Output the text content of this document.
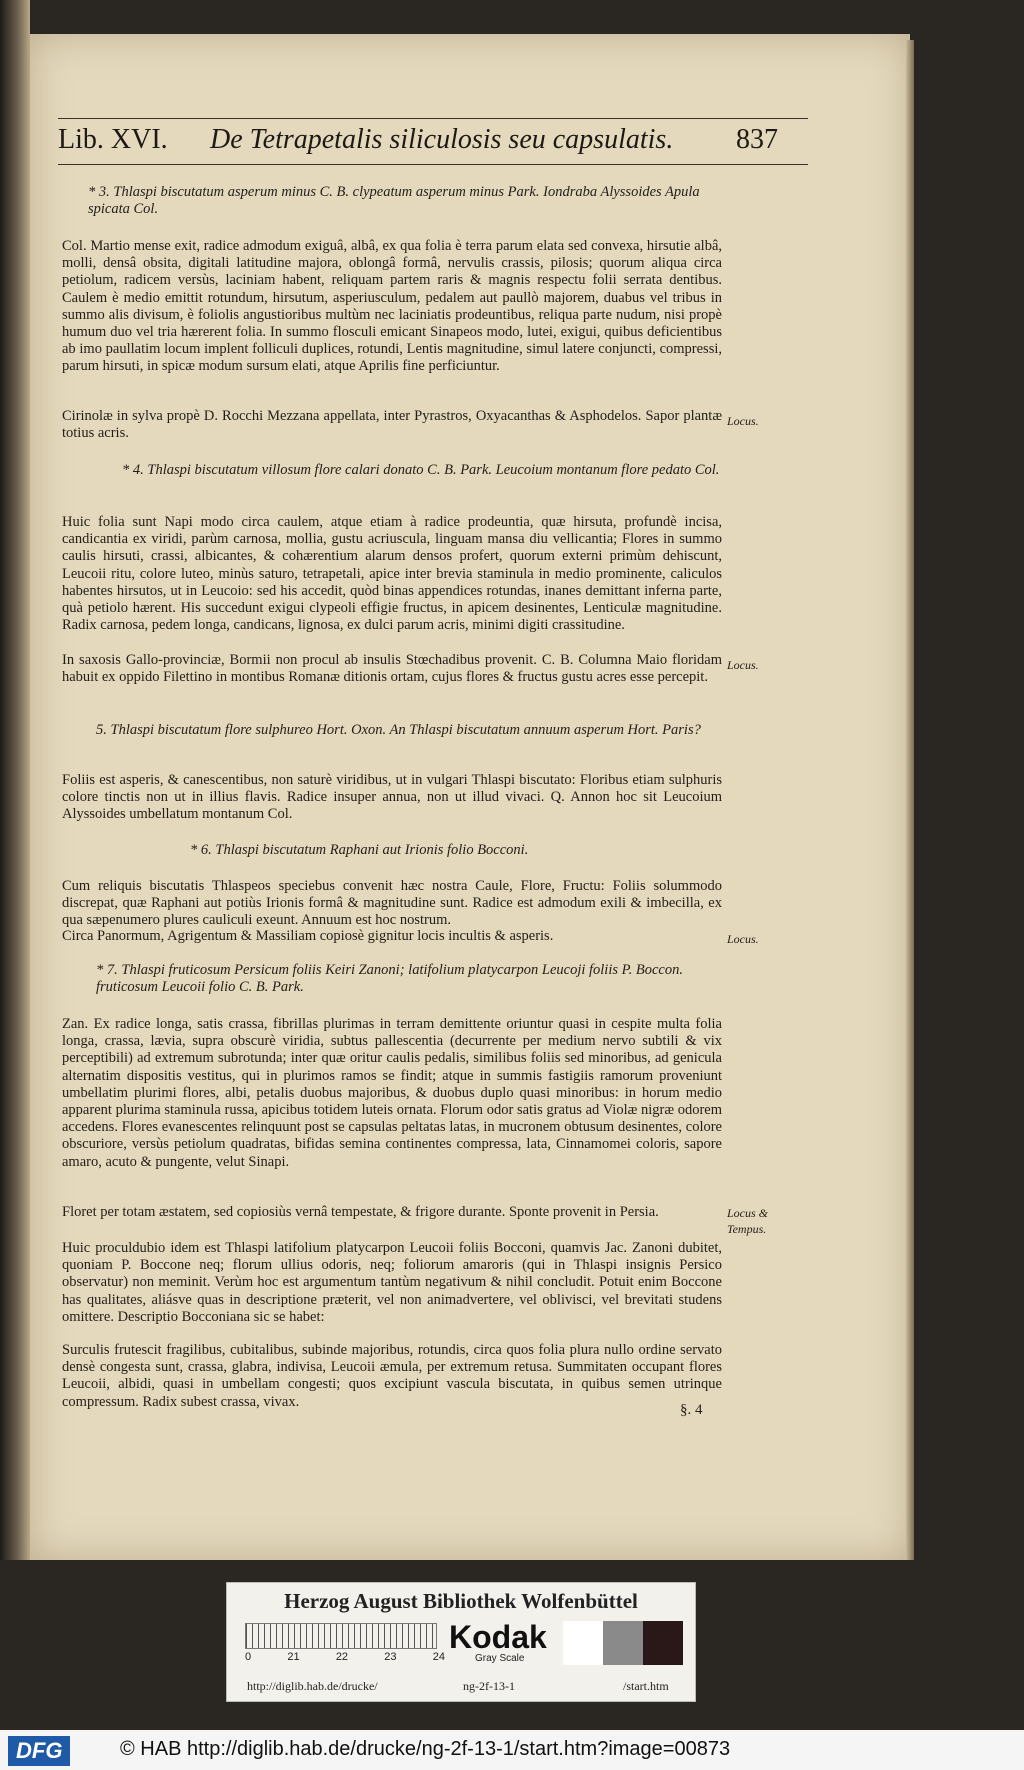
Lib. XVI. De Tetrapetalis siliculosis seu capsulatis. 837
* 3. Thlaspi biscutatum asperum minus C. B. clypeatum asperum minus Park. Iondraba Alyssoides Apula spicata Col.

Col. Martio mense exit, radice admodum exiguâ, albâ, ex qua folia è terra parum elata sed convexa, hirsutie albâ, molli, densâ obsita, digitali latitudine majora, oblongâ formâ, nervulis crassis, pilosis; quorum aliqua circa petiolum, radicem versùs, laciniam habent, reliquam partem raris & magnis respectu folii serrata dentibus. Caulem è medio emittit rotundum, hirsutum, asperiusculum, pedalem aut paullò majorem, duabus vel tribus in summo alis divisum, è foliolis angustioribus multùm nec laciniatis prodeuntibus, reliqua parte nudum, nisi propè humum duo vel tria hærerent folia. In summo flosculi emicant Sinapeos modo, lutei, exigui, quibus deficientibus ab imo paullatim locum implent folliculi duplices, rotundi, Lentis magnitudine, simul latere conjuncti, compressi, parum hirsuti, in spicæ modum sursum elati, atque Aprilis fine perficiuntur.

Cirinolæ in sylva propè D. Rocchi Mezzana appellata, inter Pyrastros, Oxyacanthas & Asphodelos. Sapor plantæ totius acris.

Locus.
* 4. Thlaspi biscutatum villosum flore calari donato C. B. Park. Leucoium montanum flore pedato Col.

Huic folia sunt Napi modo circa caulem, atque etiam à radice prodeuntia, quæ hirsuta, profundè incisa, candicantia ex viridi, parùm carnosa, mollia, gustu acriuscula, linguam mansa diu vellicantia; Flores in summo caulis hirsuti, crassi, albicantes, & cohærentium alarum densos profert, quorum externi primùm dehiscunt, Leucoii ritu, colore luteo, minùs saturo, tetrapetali, apice inter brevia staminula in medio prominente, caliculos habentes hirsutos, ut in Leucoio: sed his accedit, quòd binas appendices rotundas, inanes demittant inferna parte, quà petiolo hærent. His succedunt exigui clypeoli effigie fructus, in apicem desinentes, Lenticulæ magnitudine. Radix carnosa, pedem longa, candicans, lignosa, ex dulci parum acris, minimi digiti crassitudine.

In saxosis Gallo-provinciæ, Bormii non procul ab insulis Stœchadibus provenit. C. B. Columna Maio floridam habuit ex oppido Filettino in montibus Romanæ ditionis ortam, cujus flores & fructus gustu acres esse percepit.

Locus.
5. Thlaspi biscutatum flore sulphureo Hort. Oxon. An Thlaspi biscutatum annuum asperum Hort. Paris?

Foliis est asperis, & canescentibus, non saturè viridibus, ut in vulgari Thlaspi biscutato: Floribus etiam sulphuris colore tinctis non ut in illius flavis. Radice insuper annua, non ut illud vivaci. Q. Annon hoc sit Leucoium Alyssoides umbellatum montanum Col.

* 6. Thlaspi biscutatum Raphani aut Irionis folio Bocconi.

Cum reliquis biscutatis Thlaspeos speciebus convenit hæc nostra Caule, Flore, Fructu: Foliis solummodo discrepat, quæ Raphani aut potiùs Irionis formâ & magnitudine sunt. Radice est admodum exili & imbecilla, ex qua sæpenumero plures cauliculi exeunt. Annuum est hoc nostrum.

Circa Panormum, Agrigentum & Massiliam copiosè gignitur locis incultis & asperis.	Locus.
* 7. Thlaspi fruticosum Persicum foliis Keiri Zanoni; latifolium platycarpon Leucoji foliis P. Boccon. fruticosum Leucoii folio C. B. Park.

Zan. Ex radice longa, satis crassa, fibrillas plurimas in terram demittente oriuntur quasi in cespite multa folia longa, crassa, lævia, supra obscurè viridia, subtus pallescentia (decurrente per medium nervo subtili & vix perceptibili) ad extremum subrotunda; inter quæ oritur caulis pedalis, similibus foliis sed minoribus, ad genicula alternatim dispositis vestitus, qui in plurimos ramos se findit; atque in summis fastigiis ramorum proveniunt umbellatim plurimi flores, albi, petalis duobus majoribus, & duobus duplo quasi minoribus: in horum medio apparent plurima staminula russa, apicibus totidem luteis ornata. Florum odor satis gratus ad Violæ nigræ odorem accedens. Flores evanescentes relinquunt post se capsulas peltatas latas, in mucronem obtusum desinentes, colore obscuriore, versùs petiolum quadratas, bifidas semina continentes compressa, lata, Cinnamomei coloris, sapore amaro, acuto & pungente, velut Sinapi.

Floret per totam æstatem, sed copiosiùs vernâ tempestate, & frigore durante. Sponte provenit in Persia.	Locus &
Tempus.

Huic proculdubio idem est Thlaspi latifolium platycarpon Leucoii foliis Bocconi, quamvis Jac. Zanoni dubitet, quoniam P. Boccone neq; florum ullius odoris, neq; foliorum amaroris (qui in Thlaspi insignis Persico observatur) non meminit. Verùm hoc est argumentum tantùm negativum & nihil concludit. Potuit enim Boccone has qualitates, aliásve quas in descriptione præterit, vel non animadvertere, vel oblivisci, vel brevitati studens omittere. Descriptio Bocconiana sic se habet:

Surculis frutescit fragilibus, cubitalibus, subinde majoribus, rotundis, circa quos folia plura nullo ordine servato densè congesta sunt, crassa, glabra, indivisa, Leucoii æmula, per extremum retusa. Summitaten occupant flores Leucoii, albidi, quasi in umbellam congesti; quos excipiunt vascula biscutata, in quibus semen utrinque compressum. Radix subest crassa, vivax.

§. 4
Herzog August Bibliothek Wolfenbüttel
0	21	22	23	24
Kodak
Gray Scale
http://diglib.hab.de/drucke/	ng-2f-13-1	/start.htm
DFG	© HAB http://diglib.hab.de/drucke/ng-2f-13-1/start.htm?image=00873
